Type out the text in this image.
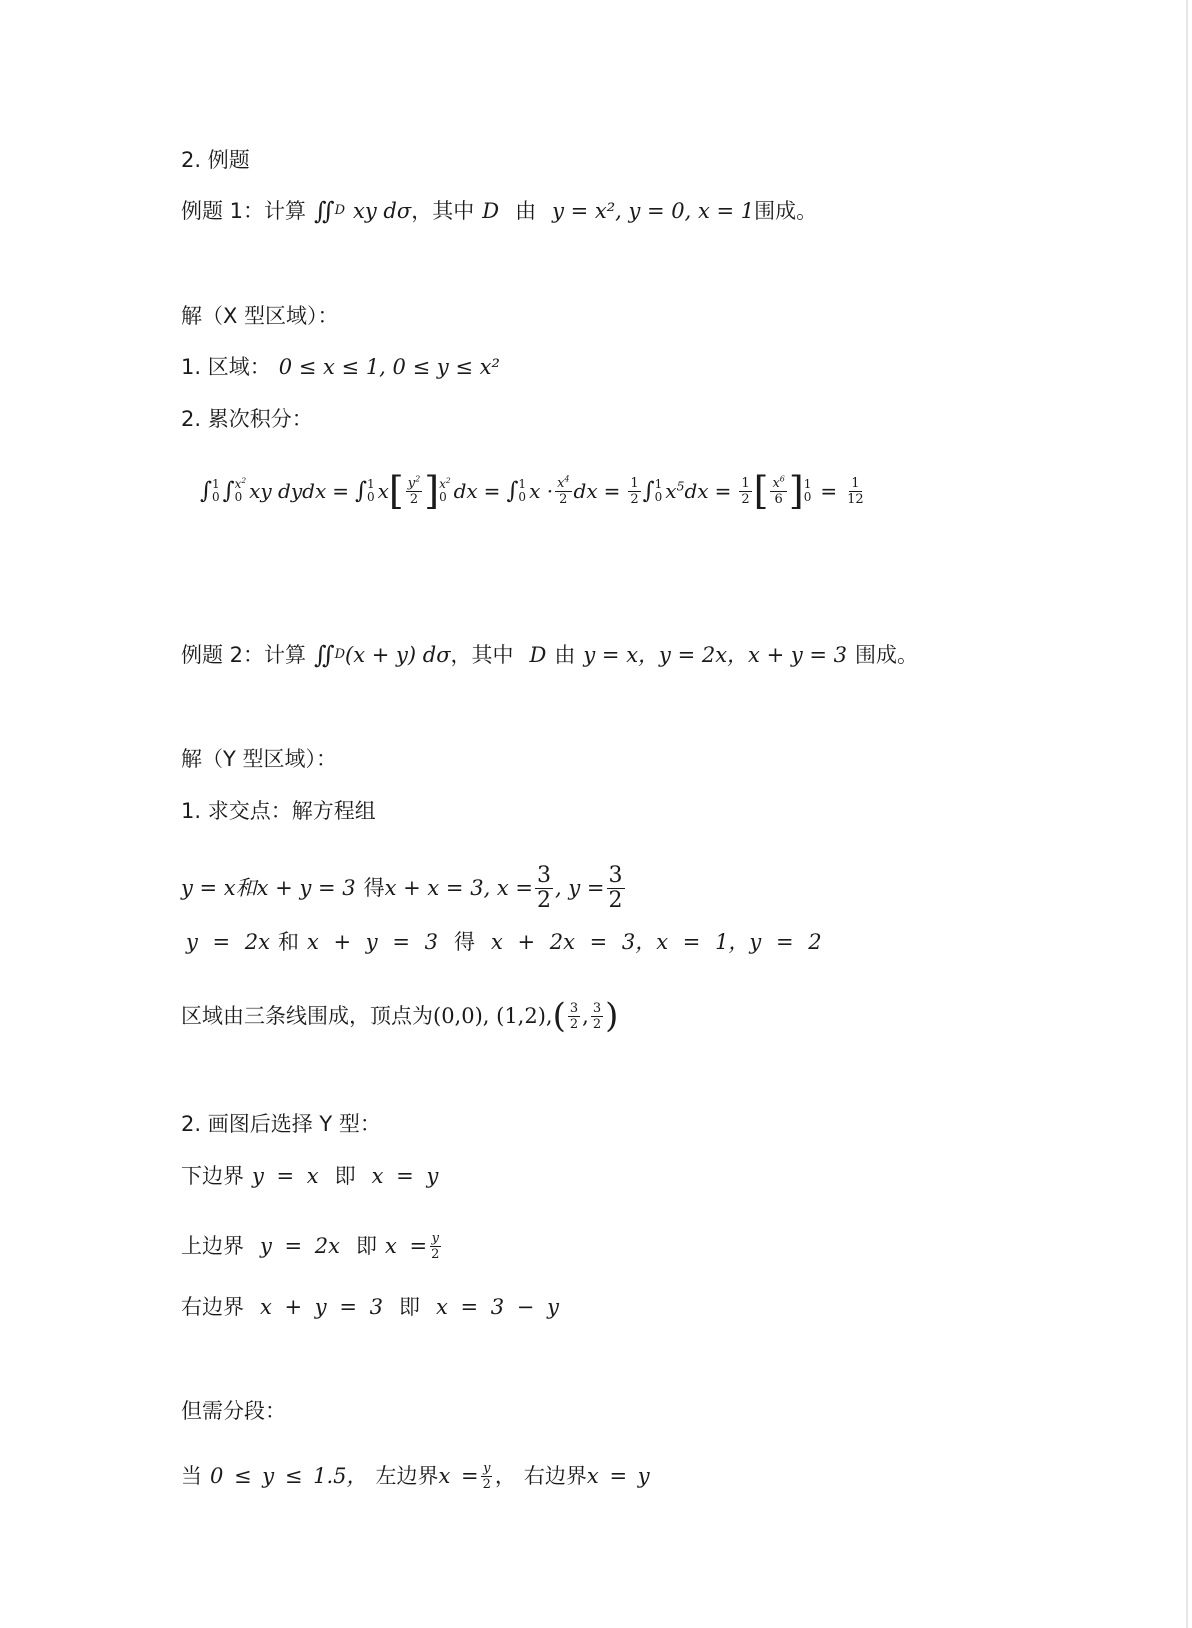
2. 例题
例题 1：计算 ∬ D xy dσ ，其中 D 由 y = x², y = 0, x = 1 围成。
解（X 型区域）：
1. 区域： 0 ≤ x ≤ 1, 0 ≤ y ≤ x²
2. 累次积分：
∫ 1
0 ∫ $x^2$
0 xy dydx = ∫ 1
0 x [ $\frac{y^2}{2}$ ] $x^2$
0 dx = ∫ 1
0 $x \cdot \frac{x^4}{2}$ dx = $\frac{1}{2}$ ∫ 1
0 $x^5dx = \frac{1}{2}$ [ $\frac{x^6}{6}$ ] 1
$0 = \frac{1}{12}$
例题 2：计算 ∬ D (x + y) dσ ，其中 D 由 y = x，y = 2x，x + y = 3 围成。
解（Y 型区域）：
1. 求交点：解方程组
y = x和x + y = 3 得 x + x = 3, $x = \frac{3}{2}$ , $y = \frac{3}{2}$
y = 2x 和 x + y = 3 得 x + 2x = 3，x = 1，y = 2
区域由三条线围成，顶点为 (0,0), (1,2), ( $\frac{3}{2}$ , $\frac{3}{2}$ )
2. 画图后选择 Y 型：
下边界 y = x 即 x = y
上边界 y = 2x 即 $x = \frac{y}{2}$
右边界 x + y = 3 即 x = 3 − y
但需分段：
当 0 ≤ y ≤ 1.5， 左边界 $x = \frac{y}{2}$ ， 右边界 x = y
